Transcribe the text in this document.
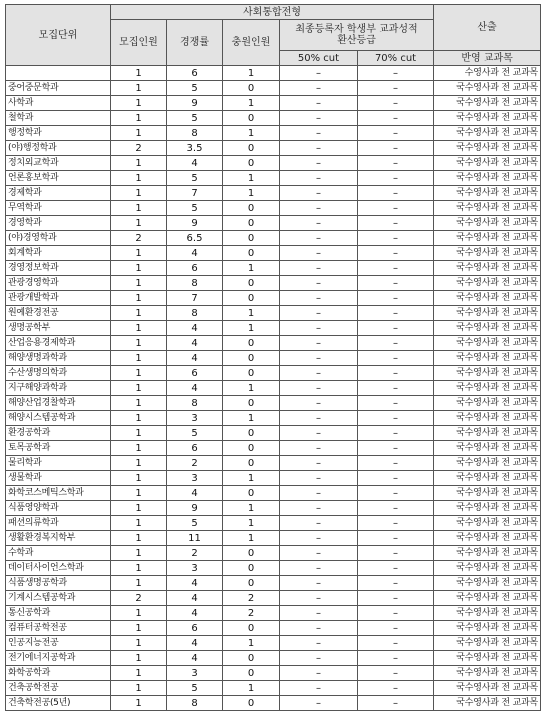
모집단위	사회통합전형					산출
	모집인원	경쟁률	충원인원	최종등록자 학생부 교과성적
환산등급		

				50% cut	70% cut	반영 교과목
	1	6	1	–	–	수영사과 전 교과목
중어중문학과	1	5	0	–	–	국수영사과 전 교과목
사학과	1	9	1	–	–	국수영사과 전 교과목
철학과	1	5	0	–	–	국수영사과 전 교과목
행정학과	1	8	1	–	–	국수영사과 전 교과목
(야)행정학과	2	3.5	0	–	–	국수영사과 전 교과목
정치외교학과	1	4	0	–	–	국수영사과 전 교과목
언론홍보학과	1	5	1	–	–	국수영사과 전 교과목
경제학과	1	7	1	–	–	국수영사과 전 교과목
무역학과	1	5	0	–	–	국수영사과 전 교과목
경영학과	1	9	0	–	–	국수영사과 전 교과목
(야)경영학과	2	6.5	0	–	–	국수영사과 전 교과목
회계학과	1	4	0	–	–	국수영사과 전 교과목
경영정보학과	1	6	1	–	–	국수영사과 전 교과목
관광경영학과	1	8	0	–	–	국수영사과 전 교과목
관광개발학과	1	7	0	–	–	국수영사과 전 교과목
원예환경전공	1	8	1	–	–	국수영사과 전 교과목
생명공학부	1	4	1	–	–	국수영사과 전 교과목
산업응용경제학과	1	4	0	–	–	국수영사과 전 교과목
해양생명과학과	1	4	0	–	–	국수영사과 전 교과목
수산생명의학과	1	6	0	–	–	국수영사과 전 교과목
지구해양과학과	1	4	1	–	–	국수영사과 전 교과목
해양산업경찰학과	1	8	0	–	–	국수영사과 전 교과목
해양시스템공학과	1	3	1	–	–	국수영사과 전 교과목
환경공학과	1	5	0	–	–	국수영사과 전 교과목
토목공학과	1	6	0	–	–	국수영사과 전 교과목
물리학과	1	2	0	–	–	국수영사과 전 교과목
생물학과	1	3	1	–	–	국수영사과 전 교과목
화학코스메틱스학과	1	4	0	–	–	국수영사과 전 교과목
식품영양학과	1	9	1	–	–	국수영사과 전 교과목
패션의류학과	1	5	1	–	–	국수영사과 전 교과목
생활환경복지학부	1	11	1	–	–	국수영사과 전 교과목
수학과	1	2	0	–	–	국수영사과 전 교과목
데이터사이언스학과	1	3	0	–	–	국수영사과 전 교과목
식품생명공학과	1	4	0	–	–	국수영사과 전 교과목
기계시스템공학과	2	4	2	–	–	국수영사과 전 교과목
통신공학과	1	4	2	–	–	국수영사과 전 교과목
컴퓨터공학전공	1	6	0	–	–	국수영사과 전 교과목
인공지능전공	1	4	1	–	–	국수영사과 전 교과목
전기에너지공학과	1	4	0	–	–	국수영사과 전 교과목
화학공학과	1	3	0	–	–	국수영사과 전 교과목
건축공학전공	1	5	1	–	–	국수영사과 전 교과목
건축학전공(5년)	1	8	0	–	–	국수영사과 전 교과목
